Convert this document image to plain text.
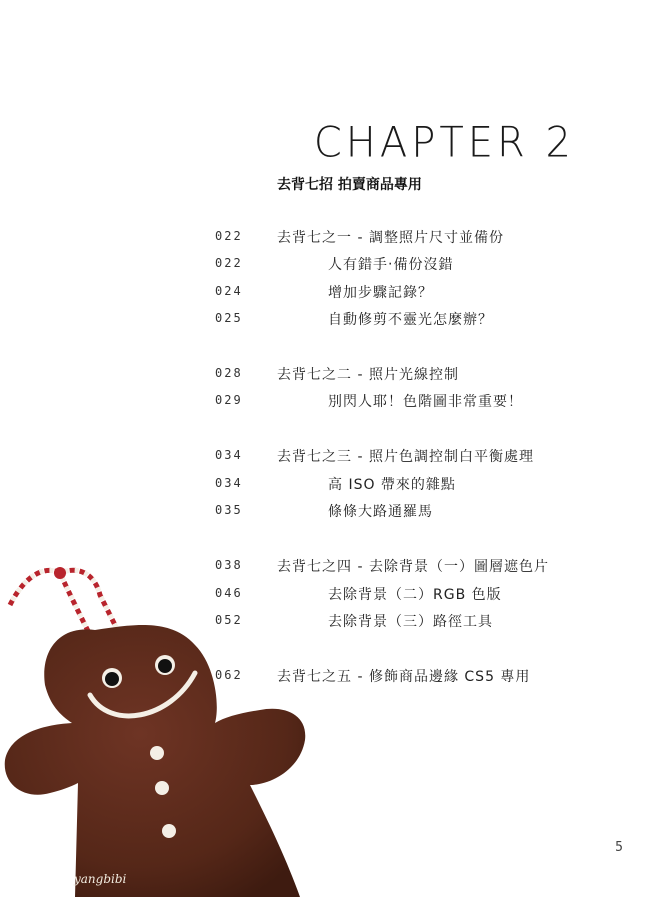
CHAPTER 2
去背七招 拍賣商品專用
022 去背七之一 - 調整照片尺寸並備份
022	人有錯手‧備份沒錯
024	增加步驟記錄？
025	自動修剪不靈光怎麼辦？
028 去背七之二 - 照片光線控制
029	別閃人耶！色階圖非常重要！
034 去背七之三 - 照片色調控制白平衡處理
034	高 ISO 帶來的雜點
035	條條大路通羅馬
038 去背七之四 - 去除背景（一）圖層遮色片
046	去除背景（二）RGB 色版
052	去除背景（三）路徑工具
062 去背七之五 - 修飾商品邊緣 CS5 專用
yangbibi
5
